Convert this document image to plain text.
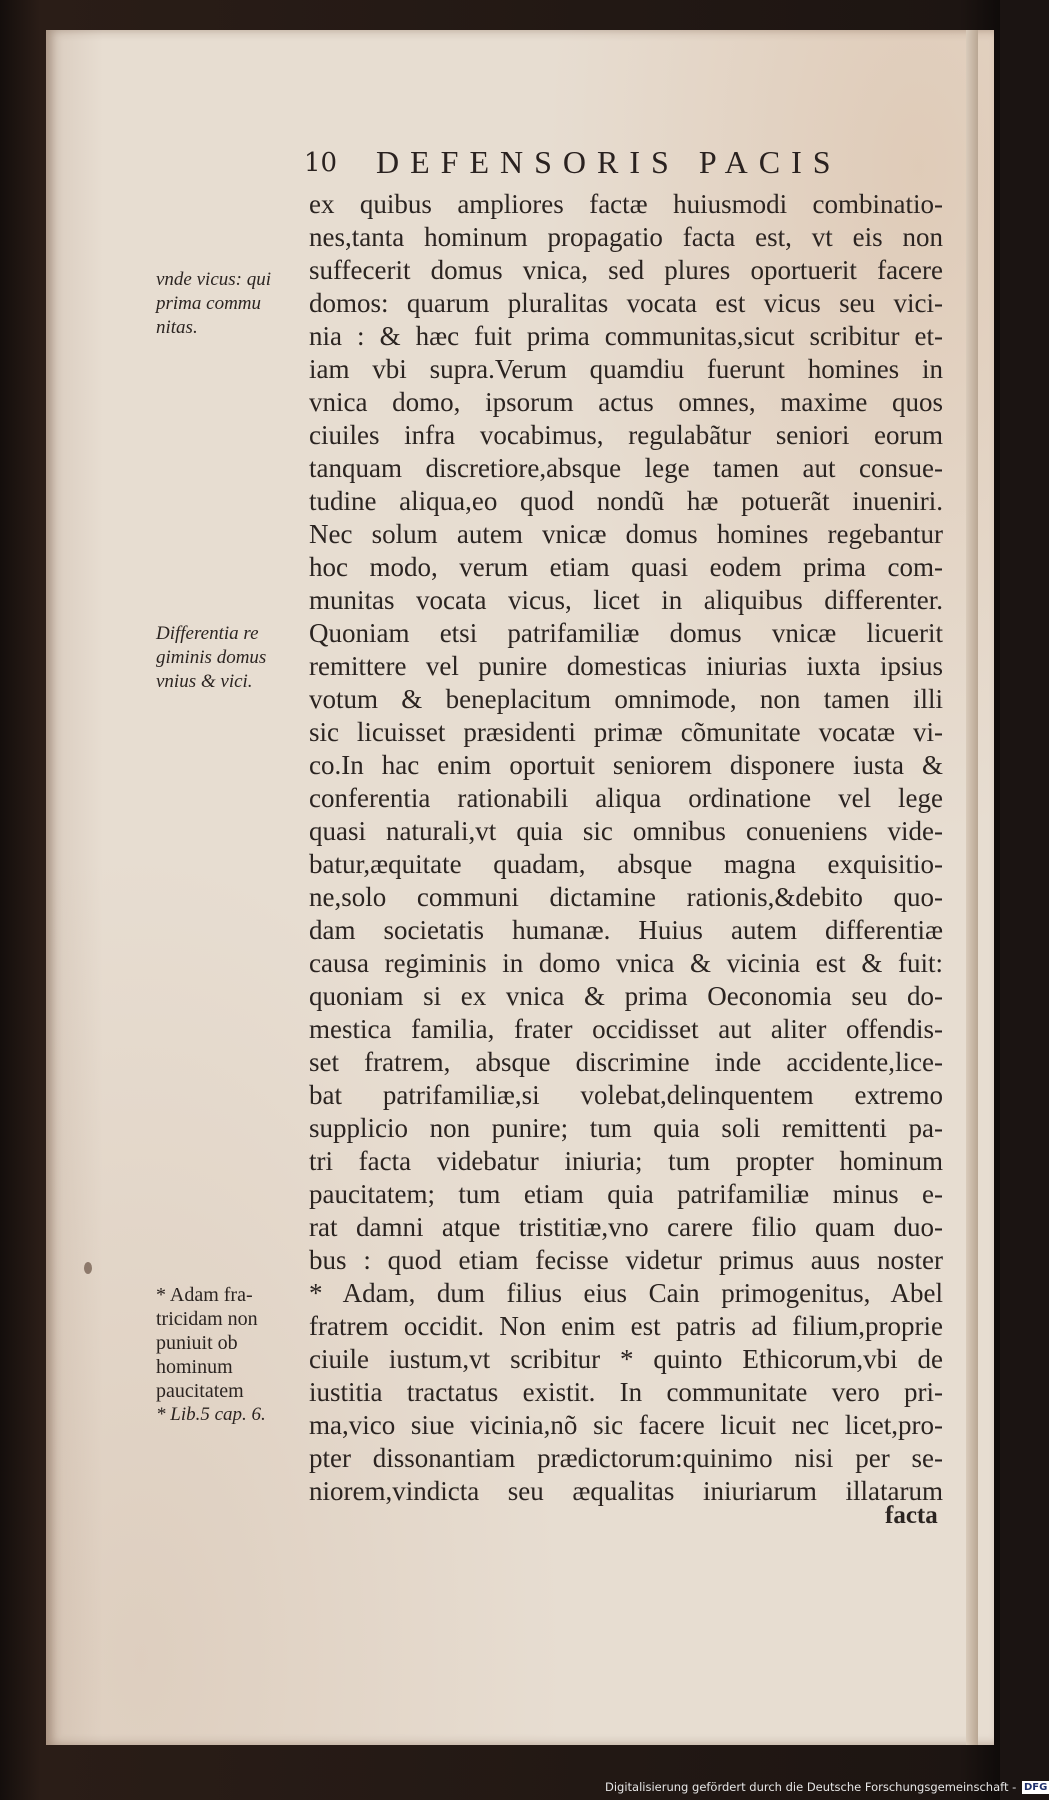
10 DEFENSORIS PACIS
ex quibus ampliores factæ huiusmodi combinatio-
nes,tanta hominum propagatio facta est, vt eis non
suffecerit domus vnica, sed plures oportuerit facere
domos: quarum pluralitas vocata est vicus seu vici-
nia : & hæc fuit prima communitas,sicut scribitur et-
iam vbi supra.Verum quamdiu fuerunt homines in
vnica domo, ipsorum actus omnes, maxime quos
ciuiles infra vocabimus, regulabãtur seniori eorum
tanquam discretiore,absque lege tamen aut consue-
tudine aliqua,eo quod nondũ hæ potuerãt inueniri.
Nec solum autem vnicæ domus homines regebantur
hoc modo, verum etiam quasi eodem prima com-
munitas vocata vicus, licet in aliquibus differenter.
Quoniam etsi patrifamiliæ domus vnicæ licuerit
remittere vel punire domesticas iniurias iuxta ipsius
votum & beneplacitum omnimode, non tamen illi
sic licuisset præsidenti primæ cõmunitate vocatæ vi-
co.In hac enim oportuit seniorem disponere iusta &
conferentia rationabili aliqua ordinatione vel lege
quasi naturali,vt quia sic omnibus conueniens vide-
batur,æquitate quadam, absque magna exquisitio-
ne,solo communi dictamine rationis,&debito quo-
dam societatis humanæ. Huius autem differentiæ
causa regiminis in domo vnica & vicinia est & fuit:
quoniam si ex vnica & prima Oeconomia seu do-
mestica familia, frater occidisset aut aliter offendis-
set fratrem, absque discrimine inde accidente,lice-
bat patrifamiliæ,si volebat,delinquentem extremo
supplicio non punire; tum quia soli remittenti pa-
tri facta videbatur iniuria; tum propter hominum
paucitatem; tum etiam quia patrifamiliæ minus e-
rat damni atque tristitiæ,vno carere filio quam duo-
bus : quod etiam fecisse videtur primus auus noster
* Adam, dum filius eius Cain primogenitus, Abel
fratrem occidit. Non enim est patris ad filium,proprie
ciuile iustum,vt scribitur * quinto Ethicorum,vbi de
iustitia tractatus existit. In communitate vero pri-
ma,vico siue vicinia,nõ sic facere licuit nec licet,pro-
pter dissonantiam prædictorum:quinimo nisi per se-
niorem,vindicta seu æqualitas iniuriarum illatarum
facta
vnde vicus: qui
prima commu
nitas.
Differentia re
giminis domus
vnius & vici.
* Adam fra-
tricidam non
puniuit ob
hominum
paucitatem
* Lib.5 cap. 6.
Digitalisierung gefördert durch die Deutsche Forschungsgemeinschaft - DFG
